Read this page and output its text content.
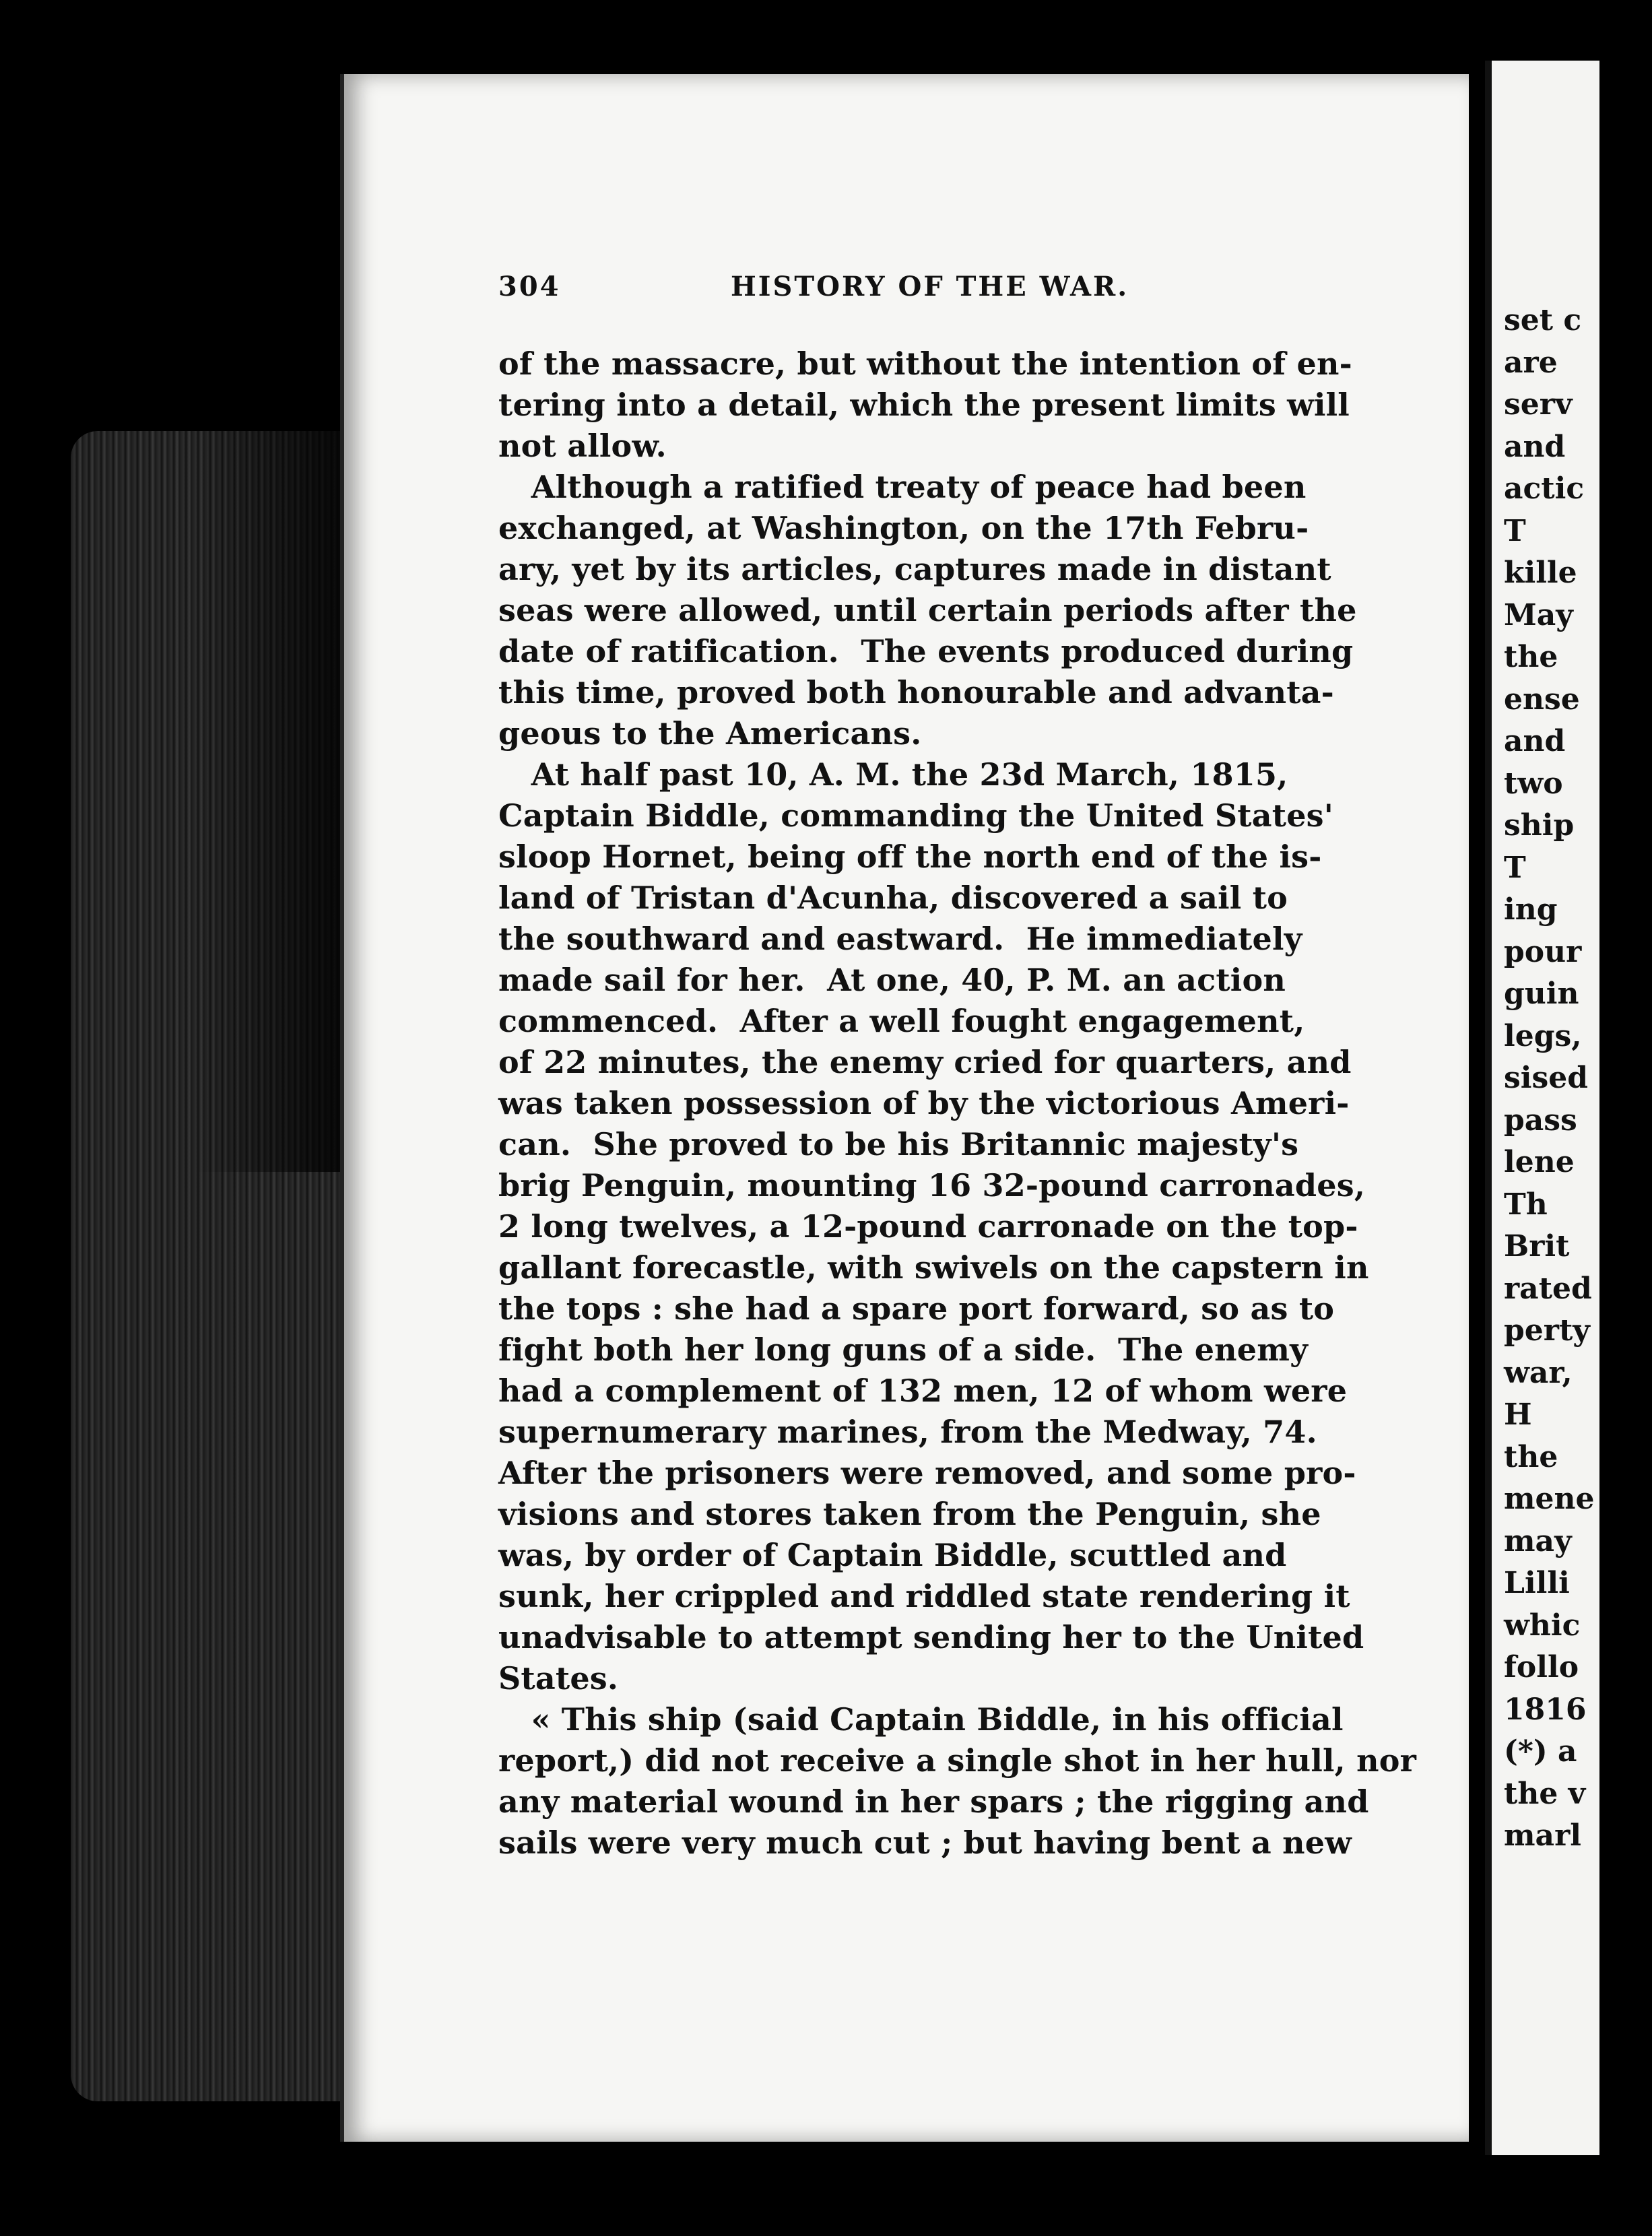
set c
are
serv
and
actic
T
kille
May
the
ense
and
two
ship
T
ing
pour
guin
legs,
sised
pass
lene
Th
Brit
rated
perty
war,
H
the
mene
may
Lilli
whic
follo
1816
(*) a
the v
marl
304	HISTORY OF THE WAR.
of the massacre, but without the intention of en-
tering into a detail, which the present limits will
not allow.
Although a ratified treaty of peace had been
exchanged, at Washington, on the 17th Febru-
ary, yet by its articles, captures made in distant
seas were allowed, until certain periods after the
date of ratification.  The events produced during
this time, proved both honourable and advanta-
geous to the Americans.
At half past 10, A. M. the 23d March, 1815,
Captain Biddle, commanding the United States'
sloop Hornet, being off the north end of the is-
land of Tristan d'Acunha, discovered a sail to
the southward and eastward.  He immediately
made sail for her.  At one, 40, P. M. an action
commenced.  After a well fought engagement,
of 22 minutes, the enemy cried for quarters, and
was taken possession of by the victorious Ameri-
can.  She proved to be his Britannic majesty's
brig Penguin, mounting 16 32-pound carronades,
2 long twelves, a 12-pound carronade on the top-
gallant forecastle, with swivels on the capstern in
the tops : she had a spare port forward, so as to
fight both her long guns of a side.  The enemy
had a complement of 132 men, 12 of whom were
supernumerary marines, from the Medway, 74.
After the prisoners were removed, and some pro-
visions and stores taken from the Penguin, she
was, by order of Captain Biddle, scuttled and
sunk, her crippled and riddled state rendering it
unadvisable to attempt sending her to the United
States.
« This ship (said Captain Biddle, in his official
report,) did not receive a single shot in her hull, nor
any material wound in her spars ; the rigging and
sails were very much cut ; but having bent a new
